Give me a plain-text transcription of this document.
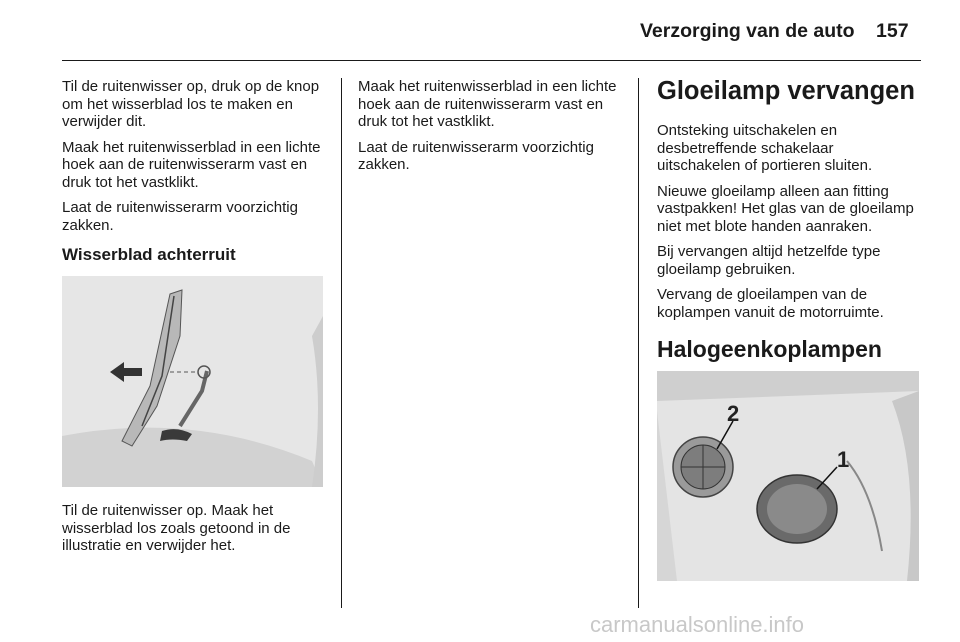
Verzorging van de auto 157

Til de ruitenwisser op, druk op de knop om het wisserblad los te maken en verwijder dit.

Maak het ruitenwisserblad in een lichte hoek aan de ruitenwisserarm vast en druk tot het vastklikt.

Laat de ruitenwisserarm voorzichtig zakken.

Wisserblad achterruit

Til de ruitenwisser op. Maak het wisserblad los zoals getoond in de illustratie en verwijder het.

Maak het ruitenwisserblad in een lichte hoek aan de ruitenwisserarm vast en druk tot het vastklikt.

Laat de ruitenwisserarm voorzichtig zakken.

Gloeilamp vervangen

Ontsteking uitschakelen en desbetreffende schakelaar uitschakelen of portieren sluiten.

Nieuwe gloeilamp alleen aan fitting vastpakken! Het glas van de gloeilamp niet met blote handen aanraken.

Bij vervangen altijd hetzelfde type gloeilamp gebruiken.

Vervang de gloeilampen van de koplampen vanuit de motorruimte.

Halogeenkoplampen

2
1
carmanualsonline.info
